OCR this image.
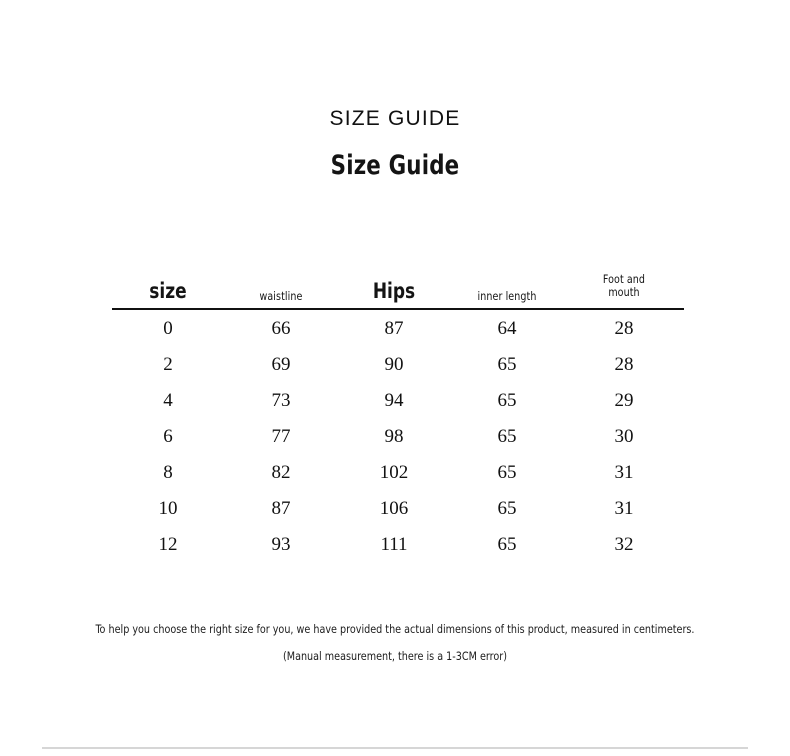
SIZE GUIDE
Size Guide
size	waistline	Hips	inner length	Foot and
mouth

0	66	87	64	28
2	69	90	65	28
4	73	94	65	29
6	77	98	65	30
8	82	102	65	31
10	87	106	65	31
12	93	111	65	32
To help you choose the right size for you, we have provided the actual dimensions of this product, measured in centimeters.
(Manual measurement, there is a 1-3CM error)
